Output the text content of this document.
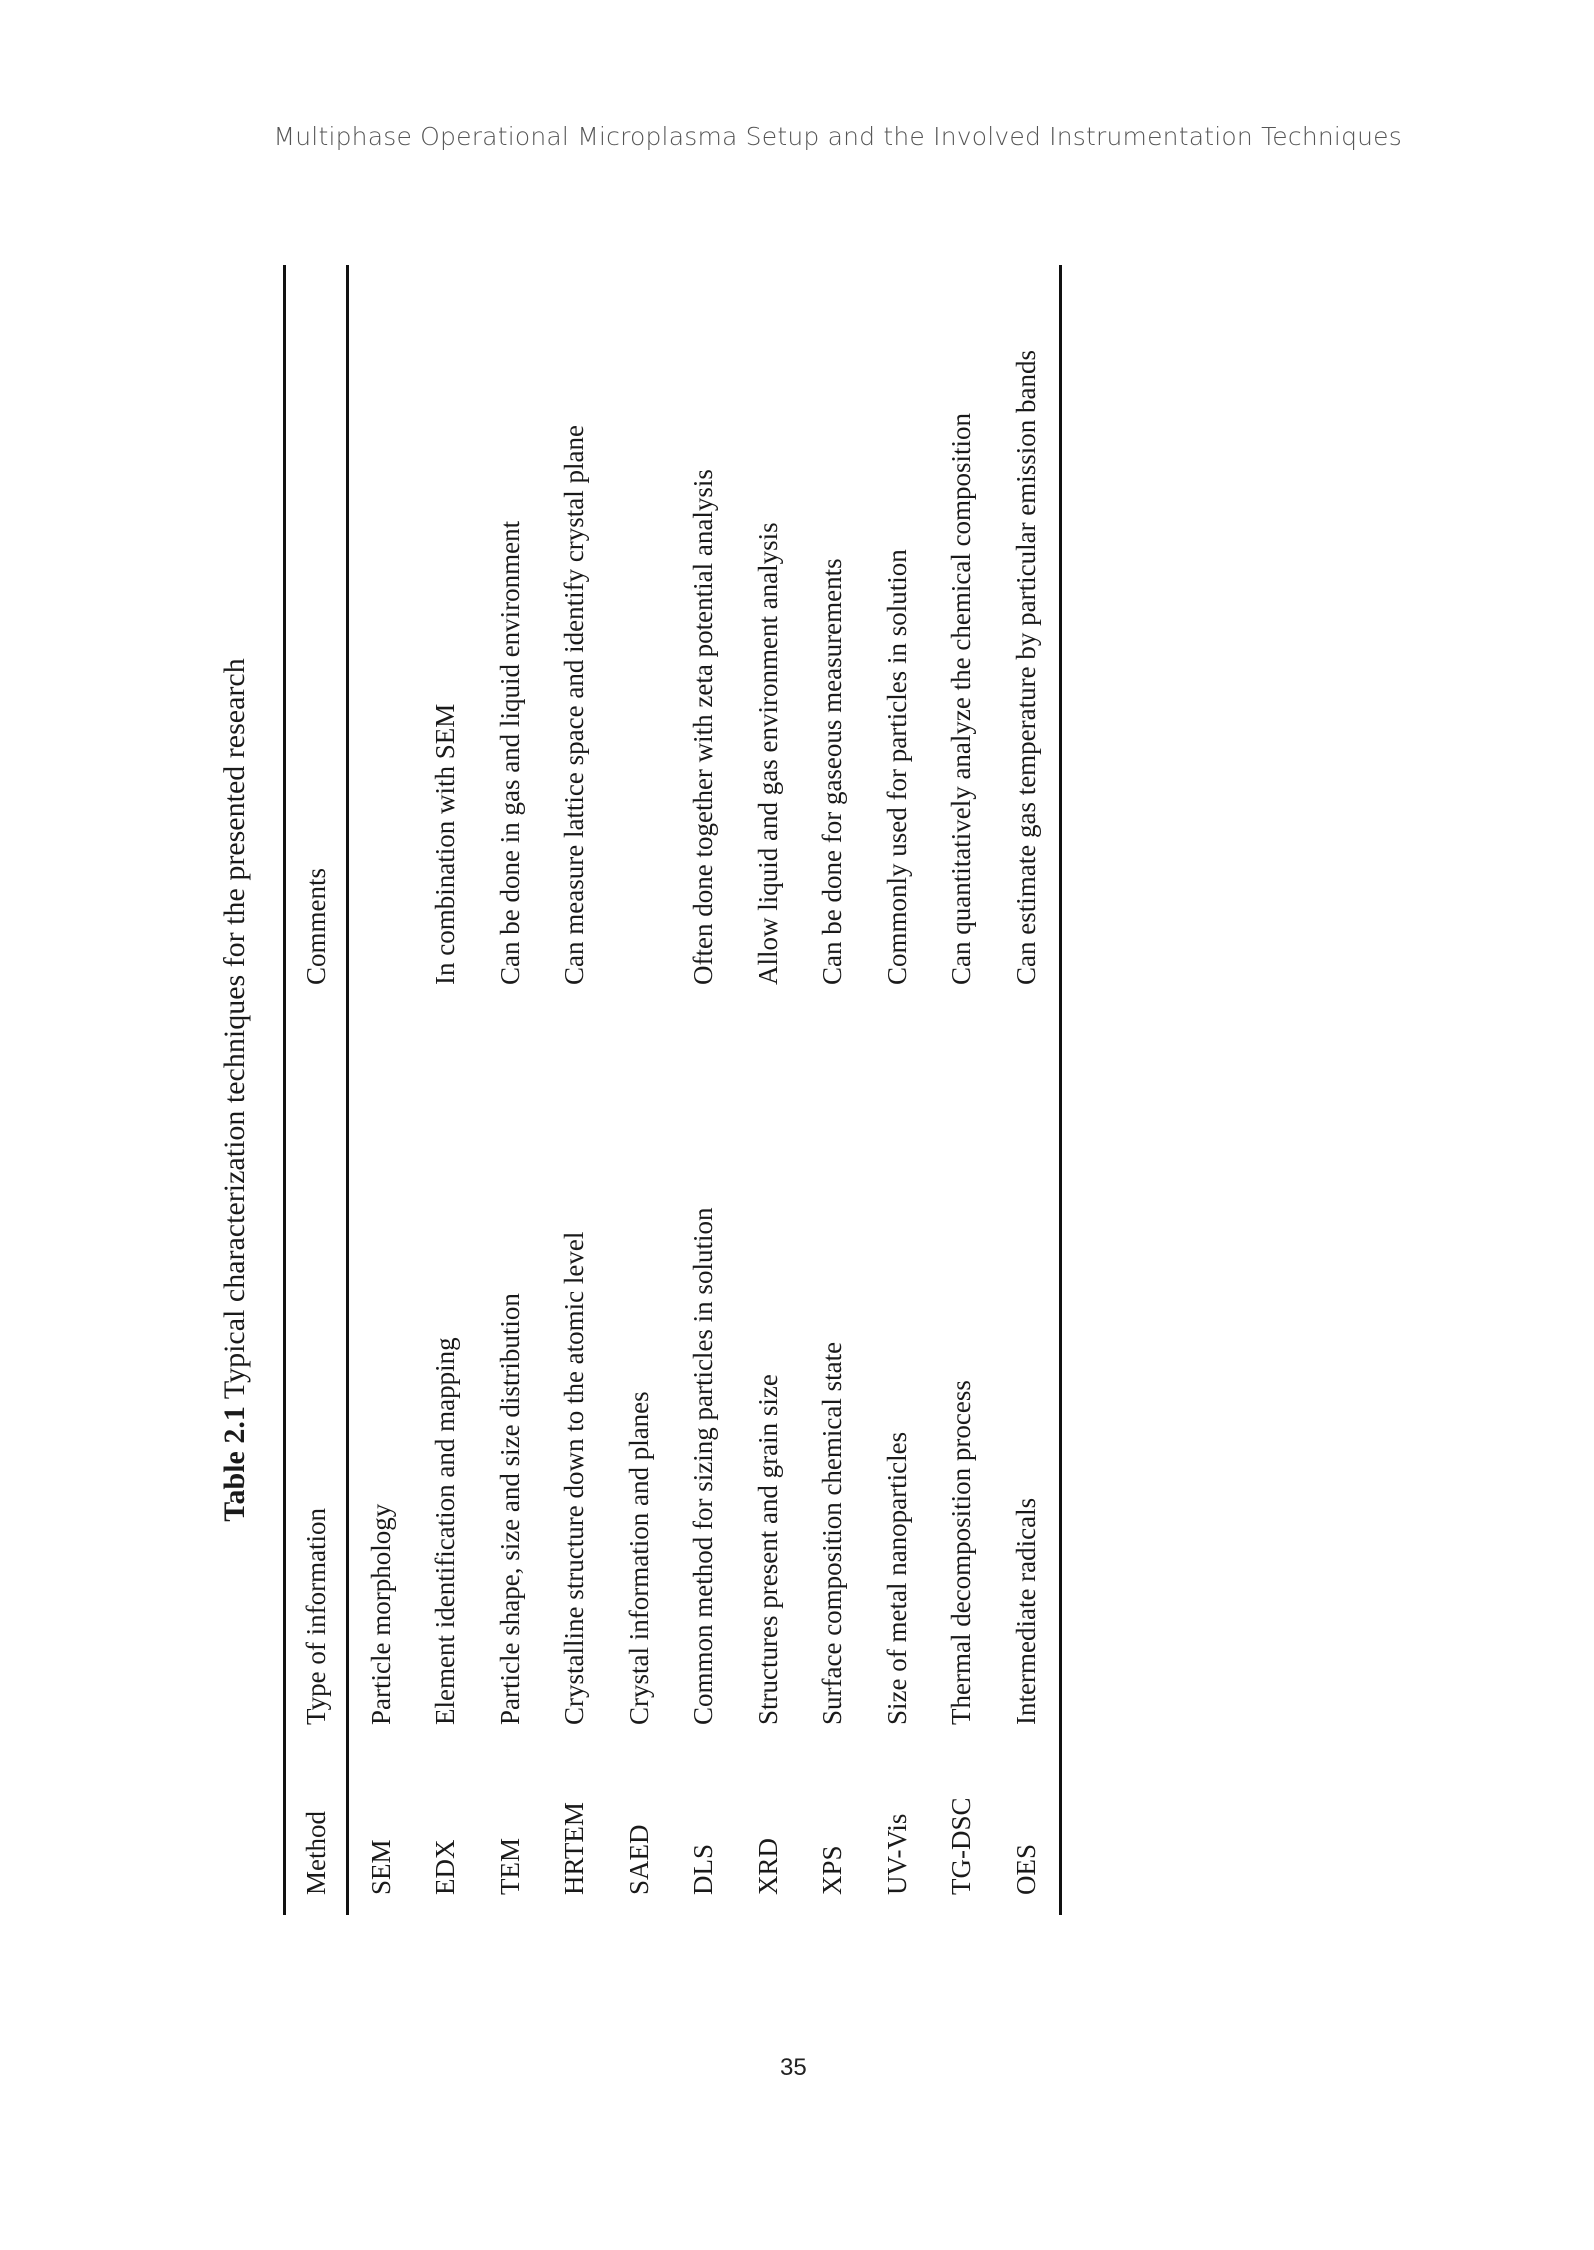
Multiphase Operational Microplasma Setup and the Involved Instrumentation Techniques
Table 2.1 Typical characterization techniques for the presented research
Method	Type of information	Comments
SEM	Particle morphology	
EDX	Element identification and mapping	In combination with SEM
TEM	Particle shape, size and size distribution	Can be done in gas and liquid environment
HRTEM	Crystalline structure down to the atomic level	Can measure lattice space and identify crystal plane
SAED	Crystal information and planes	
DLS	Common method for sizing particles in solution	Often done together with zeta potential analysis
XRD	Structures present and grain size	Allow liquid and gas environment analysis
XPS	Surface composition chemical state	Can be done for gaseous measurements
UV-Vis	Size of metal nanoparticles	Commonly used for particles in solution
TG-DSC	Thermal decomposition process	Can quantitatively analyze the chemical composition
OES	Intermediate radicals	Can estimate gas temperature by particular emission bands
35
